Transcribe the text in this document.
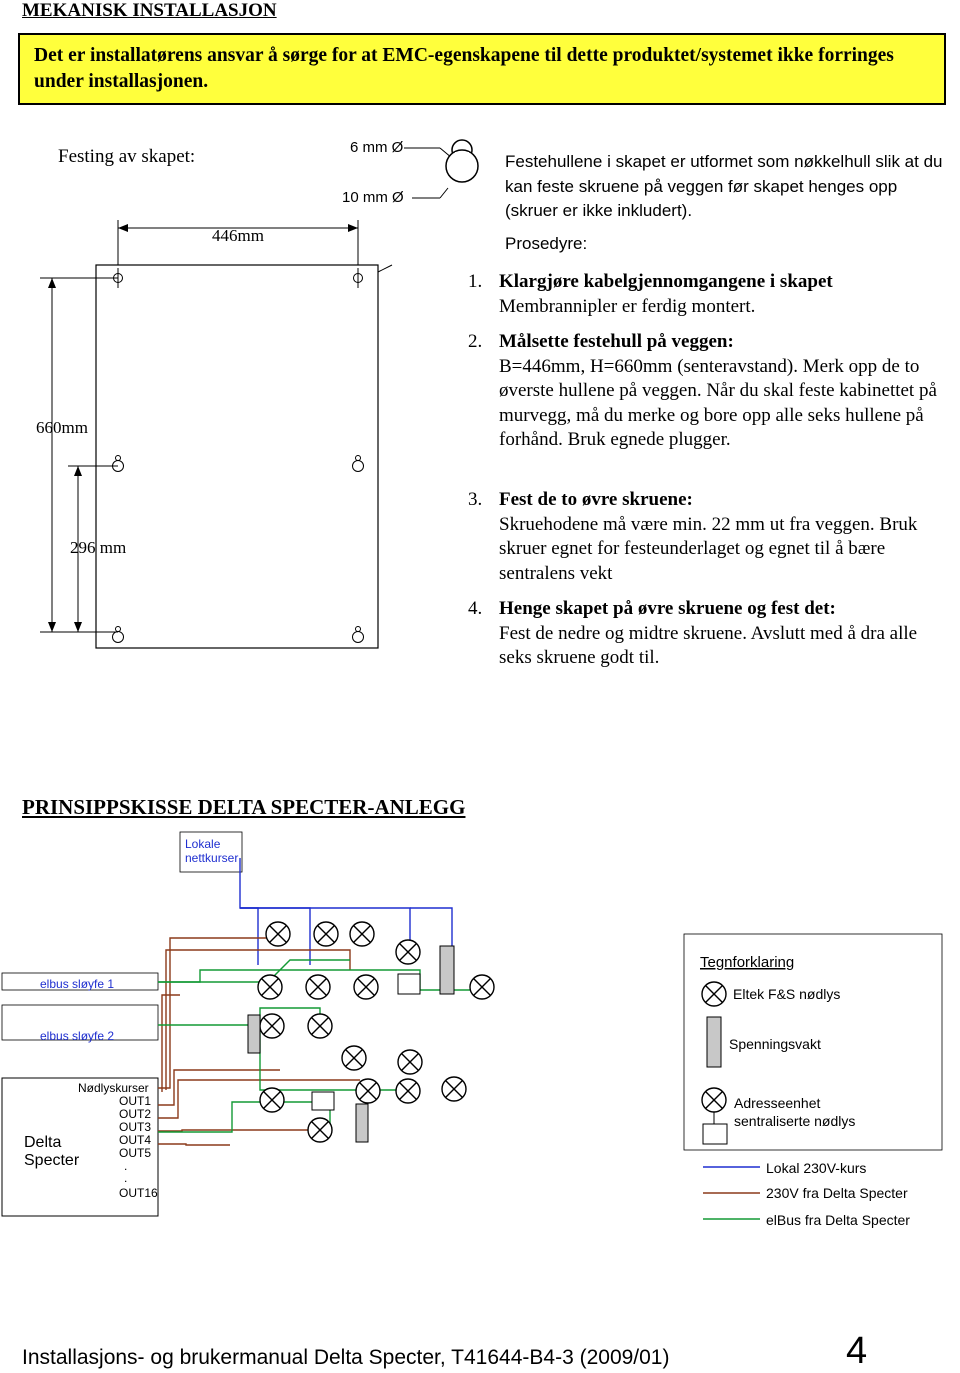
MEKANISK INSTALLASJON
Det er installatørens ansvar å sørge for at EMC-egenskapene til dette produktet/systemet ikke forringes under installasjonen.
Festing av skapet:	6 mm Ø
10 mm Ø
446mm
660mm
296 mm
Festehullene i skapet er utformet som nøkkelhull slik at du kan feste skruene på veggen før skapet henges opp (skruer er ikke inkludert).
Prosedyre:
1. Klargjøre kabelgjennomgangene i skapet
Membrannipler er ferdig montert.
2. Målsette festehull på veggen:
B=446mm, H=660mm (senteravstand). Merk opp de to øverste hullene på veggen. Når du skal feste kabinettet på murvegg, må du merke og bore opp alle seks hullene på forhånd. Bruk egnede plugger.
3. Fest de to øvre skruene:
Skruehodene må være min. 22 mm ut fra veggen. Bruk skruer egnet for festeunderlaget og egnet til å bære sentralens vekt
4. Henge skapet på øvre skruene og fest det:
Fest de nedre og midtre skruene. Avslutt med å dra alle seks skruene godt til.
PRINSIPPSKISSE DELTA SPECTER-ANLEGG
Lokale
nettkurser
elbus sløyfe 1
elbus sløyfe 2
Delta
Specter
Nødlyskurser
OUT1
OUT2
OUT3
OUT4
OUT5
.
.
OUT16
Tegnforklaring
Eltek F&S nødlys
Spenningsvakt
Adresseenhet
sentraliserte nødlys
Lokal 230V-kurs
230V fra Delta Specter
elBus fra Delta Specter
Installasjons- og brukermanual Delta Specter, T41644-B4-3 (2009/01)	4
